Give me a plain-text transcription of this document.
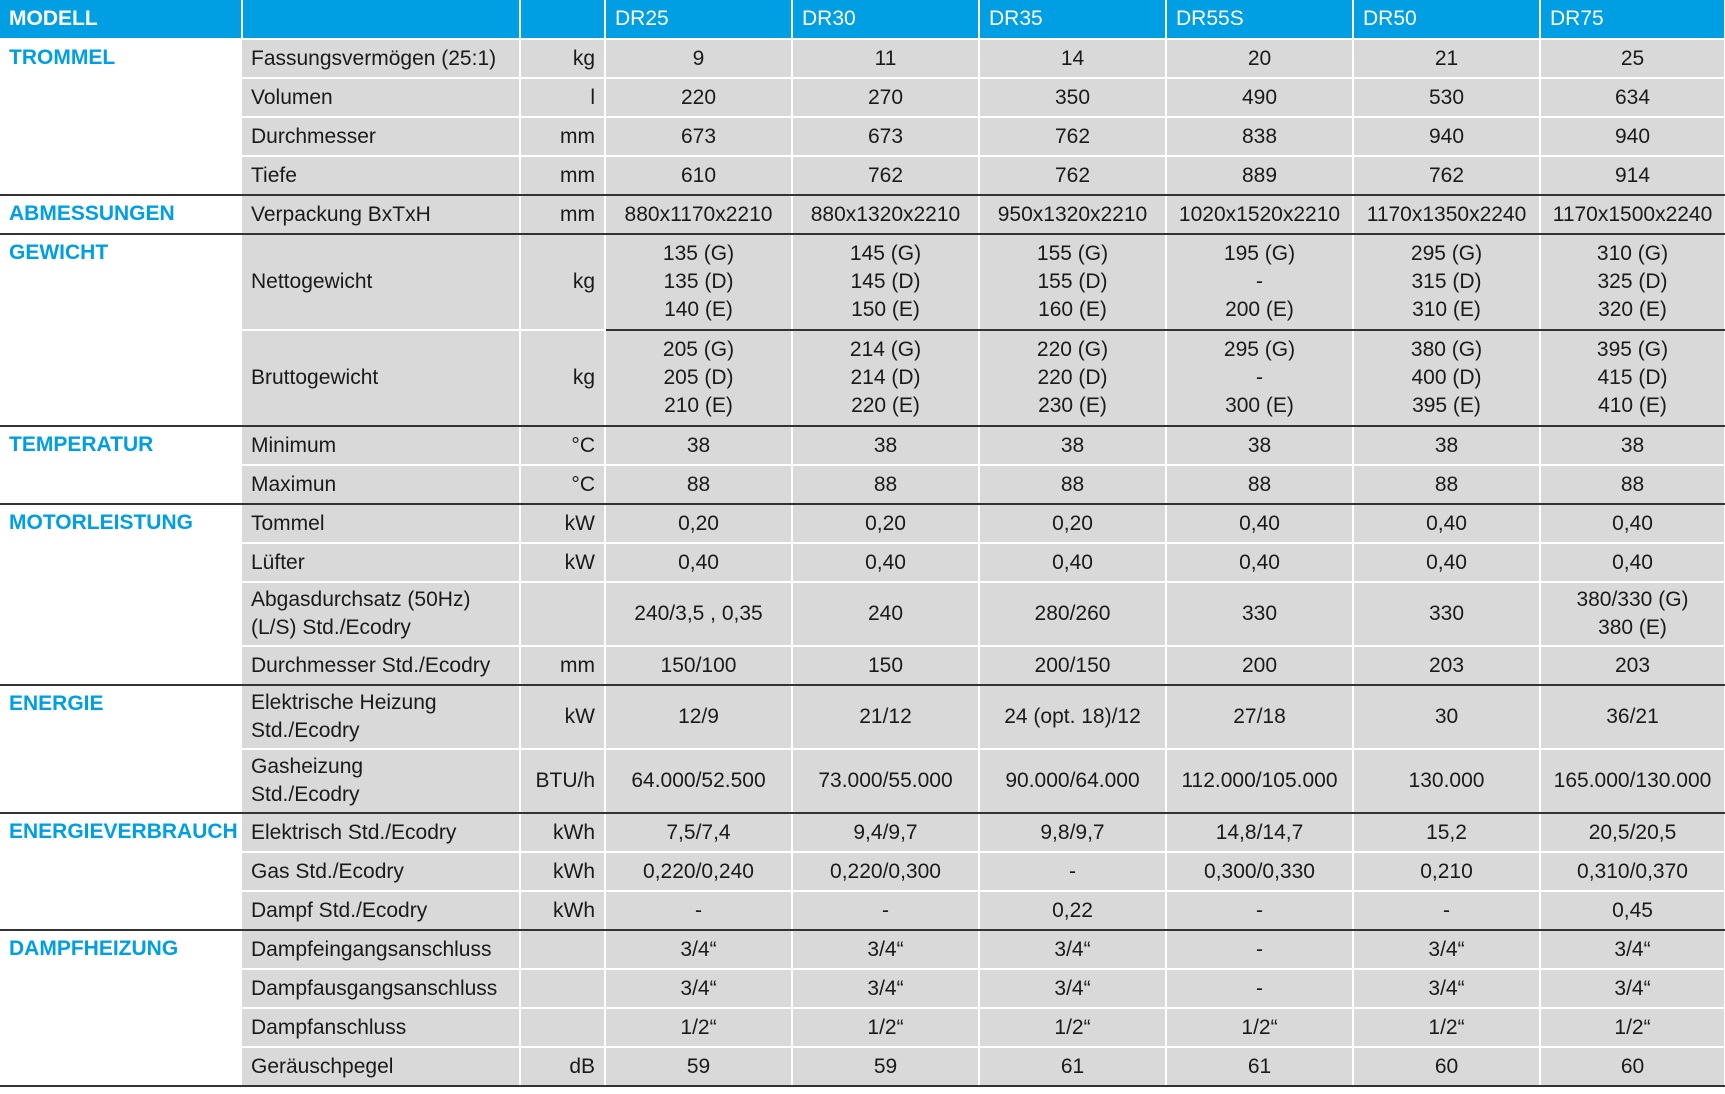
MODELL			DR25	DR30	DR35	DR55S	DR50	DR75
TROMMEL	Fassungsvermögen (25:1)	kg	9	11	14	20	21	25
	Volumen	l	220	270	350	490	530	634
	Durchmesser	mm	673	673	762	838	940	940
	Tiefe	mm	610	762	762	889	762	914
ABMESSUNGEN	Verpackung BxTxH	mm	880x1170x2210	880x1320x2210	950x1320x2210	1020x1520x2210	1170x1350x2240	1170x1500x2240
GEWICHT	Nettogewicht	kg	135 (G)
135 (D)
140 (E)	145 (G)
145 (D)
150 (E)	155 (G)
155 (D)
160 (E)	195 (G)
-
200 (E)	295 (G)
315 (D)
310 (E)	310 (G)
325 (D)
320 (E)
	Bruttogewicht	kg	205 (G)
205 (D)
210 (E)	214 (G)
214 (D)
220 (E)	220 (G)
220 (D)
230 (E)	295 (G)
-
300 (E)	380 (G)
400 (D)
395 (E)	395 (G)
415 (D)
410 (E)
TEMPERATUR	Minimum	°C	38	38	38	38	38	38
	Maximun	°C	88	88	88	88	88	88
MOTORLEISTUNG	Tommel	kW	0,20	0,20	0,20	0,40	0,40	0,40
	Lüfter	kW	0,40	0,40	0,40	0,40	0,40	0,40
	Abgasdurchsatz (50Hz)
(L/S) Std./Ecodry		240/3,5 , 0,35	240	280/260	330	330	380/330 (G)
380 (E)
	Durchmesser Std./Ecodry	mm	150/100	150	200/150	200	203	203
ENERGIE	Elektrische Heizung
Std./Ecodry	kW	12/9	21/12	24 (opt. 18)/12	27/18	30	36/21
	Gasheizung
Std./Ecodry	BTU/h	64.000/52.500	73.000/55.000	90.000/64.000	112.000/105.000	130.000	165.000/130.000
ENERGIEVERBRAUCH	Elektrisch Std./Ecodry	kWh	7,5/7,4	9,4/9,7	9,8/9,7	14,8/14,7	15,2	20,5/20,5
	Gas Std./Ecodry	kWh	0,220/0,240	0,220/0,300	-	0,300/0,330	0,210	0,310/0,370
	Dampf Std./Ecodry	kWh	-	-	0,22	-	-	0,45
DAMPFHEIZUNG	Dampfeingangsanschluss		3/4“	3/4“	3/4“	-	3/4“	3/4“
	Dampfausgangsanschluss		3/4“	3/4“	3/4“	-	3/4“	3/4“
	Dampfanschluss		1/2“	1/2“	1/2“	1/2“	1/2“	1/2“
	Geräuschpegel	dB	59	59	61	61	60	60
